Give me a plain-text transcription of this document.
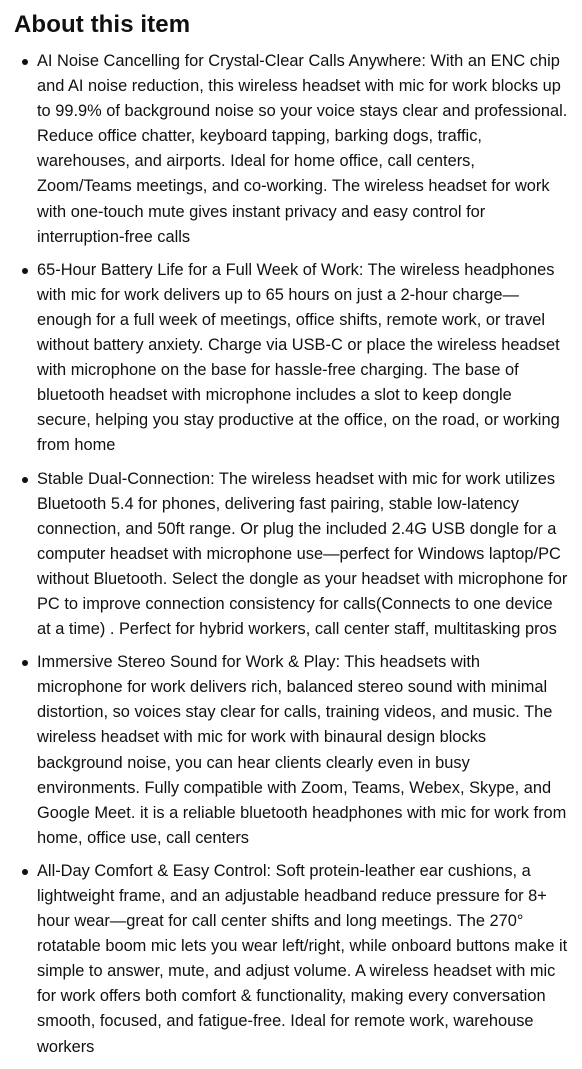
About this item
AI Noise Cancelling for Crystal-Clear Calls Anywhere: With an ENC chip and AI noise reduction, this wireless headset with mic for work blocks up to 99.9% of background noise so your voice stays clear and professional. Reduce office chatter, keyboard tapping, barking dogs, traffic, warehouses, and airports. Ideal for home office, call centers, Zoom/Teams meetings, and co-working. The wireless headset for work with one-touch mute gives instant privacy and easy control for interruption-free calls
65-Hour Battery Life for a Full Week of Work: The wireless headphones with mic for work delivers up to 65 hours on just a 2-hour charge—enough for a full week of meetings, office shifts, remote work, or travel without battery anxiety. Charge via USB-C or place the wireless headset with microphone on the base for hassle-free charging. The base of bluetooth headset with microphone includes a slot to keep dongle secure, helping you stay productive at the office, on the road, or working from home
Stable Dual-Connection: The wireless headset with mic for work utilizes Bluetooth 5.4 for phones, delivering fast pairing, stable low-latency connection, and 50ft range. Or plug the included 2.4G USB dongle for a computer headset with microphone use—perfect for Windows laptop/PC without Bluetooth. Select the dongle as your headset with microphone for PC to improve connection consistency for calls(Connects to one device at a time) . Perfect for hybrid workers, call center staff, multitasking pros
Immersive Stereo Sound for Work & Play: This headsets with microphone for work delivers rich, balanced stereo sound with minimal distortion, so voices stay clear for calls, training videos, and music. The wireless headset with mic for work with binaural design blocks background noise, you can hear clients clearly even in busy environments. Fully compatible with Zoom, Teams, Webex, Skype, and Google Meet. it is a reliable bluetooth headphones with mic for work from home, office use, call centers
All-Day Comfort & Easy Control: Soft protein-leather ear cushions, a lightweight frame, and an adjustable headband reduce pressure for 8+ hour wear—great for call center shifts and long meetings. The 270° rotatable boom mic lets you wear left/right, while onboard buttons make it simple to answer, mute, and adjust volume. A wireless headset with mic for work offers both comfort & functionality, making every conversation smooth, focused, and fatigue-free. Ideal for remote work, warehouse workers
